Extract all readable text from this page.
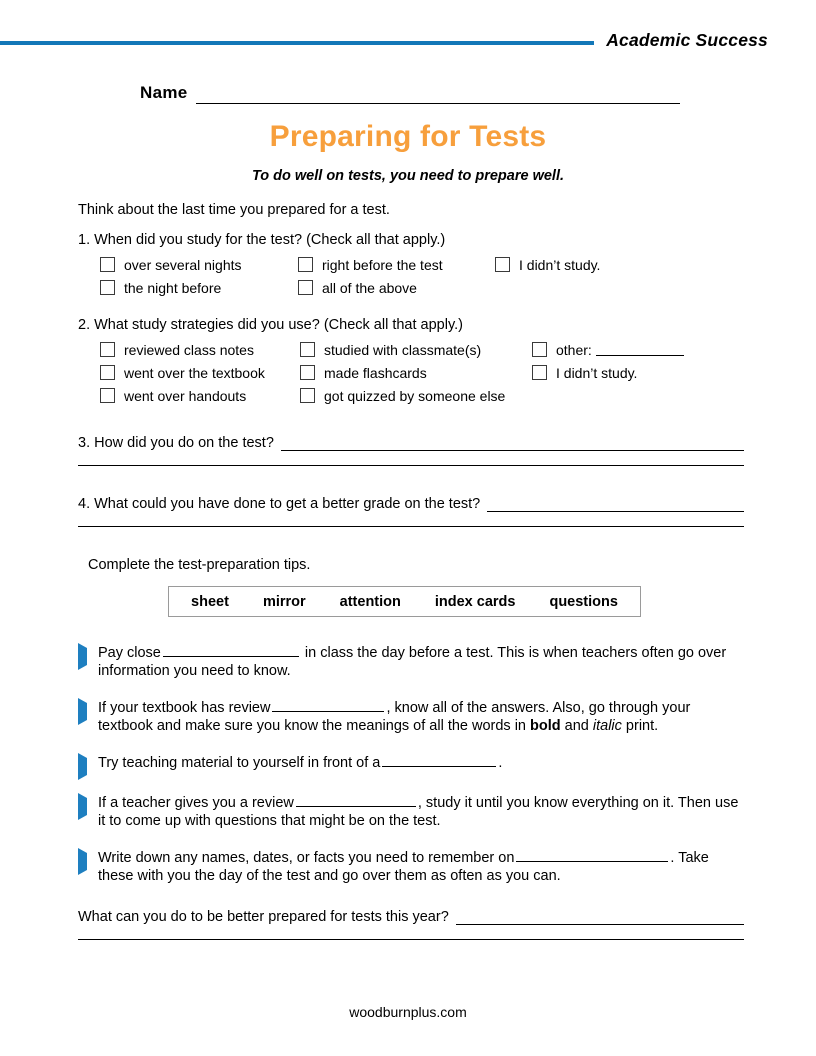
Academic Success
Name
Preparing for Tests
To do well on tests, you need to prepare well.
Think about the last time you prepared for a test.
1. When did you study for the test? (Check all that apply.)
over several nights
the night before
right before the test
all of the above
I didn’t study.
2. What study strategies did you use? (Check all that apply.)
reviewed class notes
went over the textbook
went over handouts
studied with classmate(s)
made flashcards
got quizzed by someone else
other:
I didn’t study.
3. How did you do on the test?
4. What could you have done to get a better grade on the test?
Complete the test-preparation tips.
sheet	mirror	attention	index cards	questions
Pay close	in class the day before a test. This is when teachers often go over information you need to know.
If your textbook has review	, know all of the answers. Also, go through your textbook and make sure you know the meanings of all the words in bold and italic print.
Try teaching material to yourself in front of a	.
If a teacher gives you a review	, study it until you know everything on it. Then use it to come up with questions that might be on the test.
Write down any names, dates, or facts you need to remember on	. Take these with you the day of the test and go over them as often as you can.
What can you do to be better prepared for tests this year?
woodburnplus.com
